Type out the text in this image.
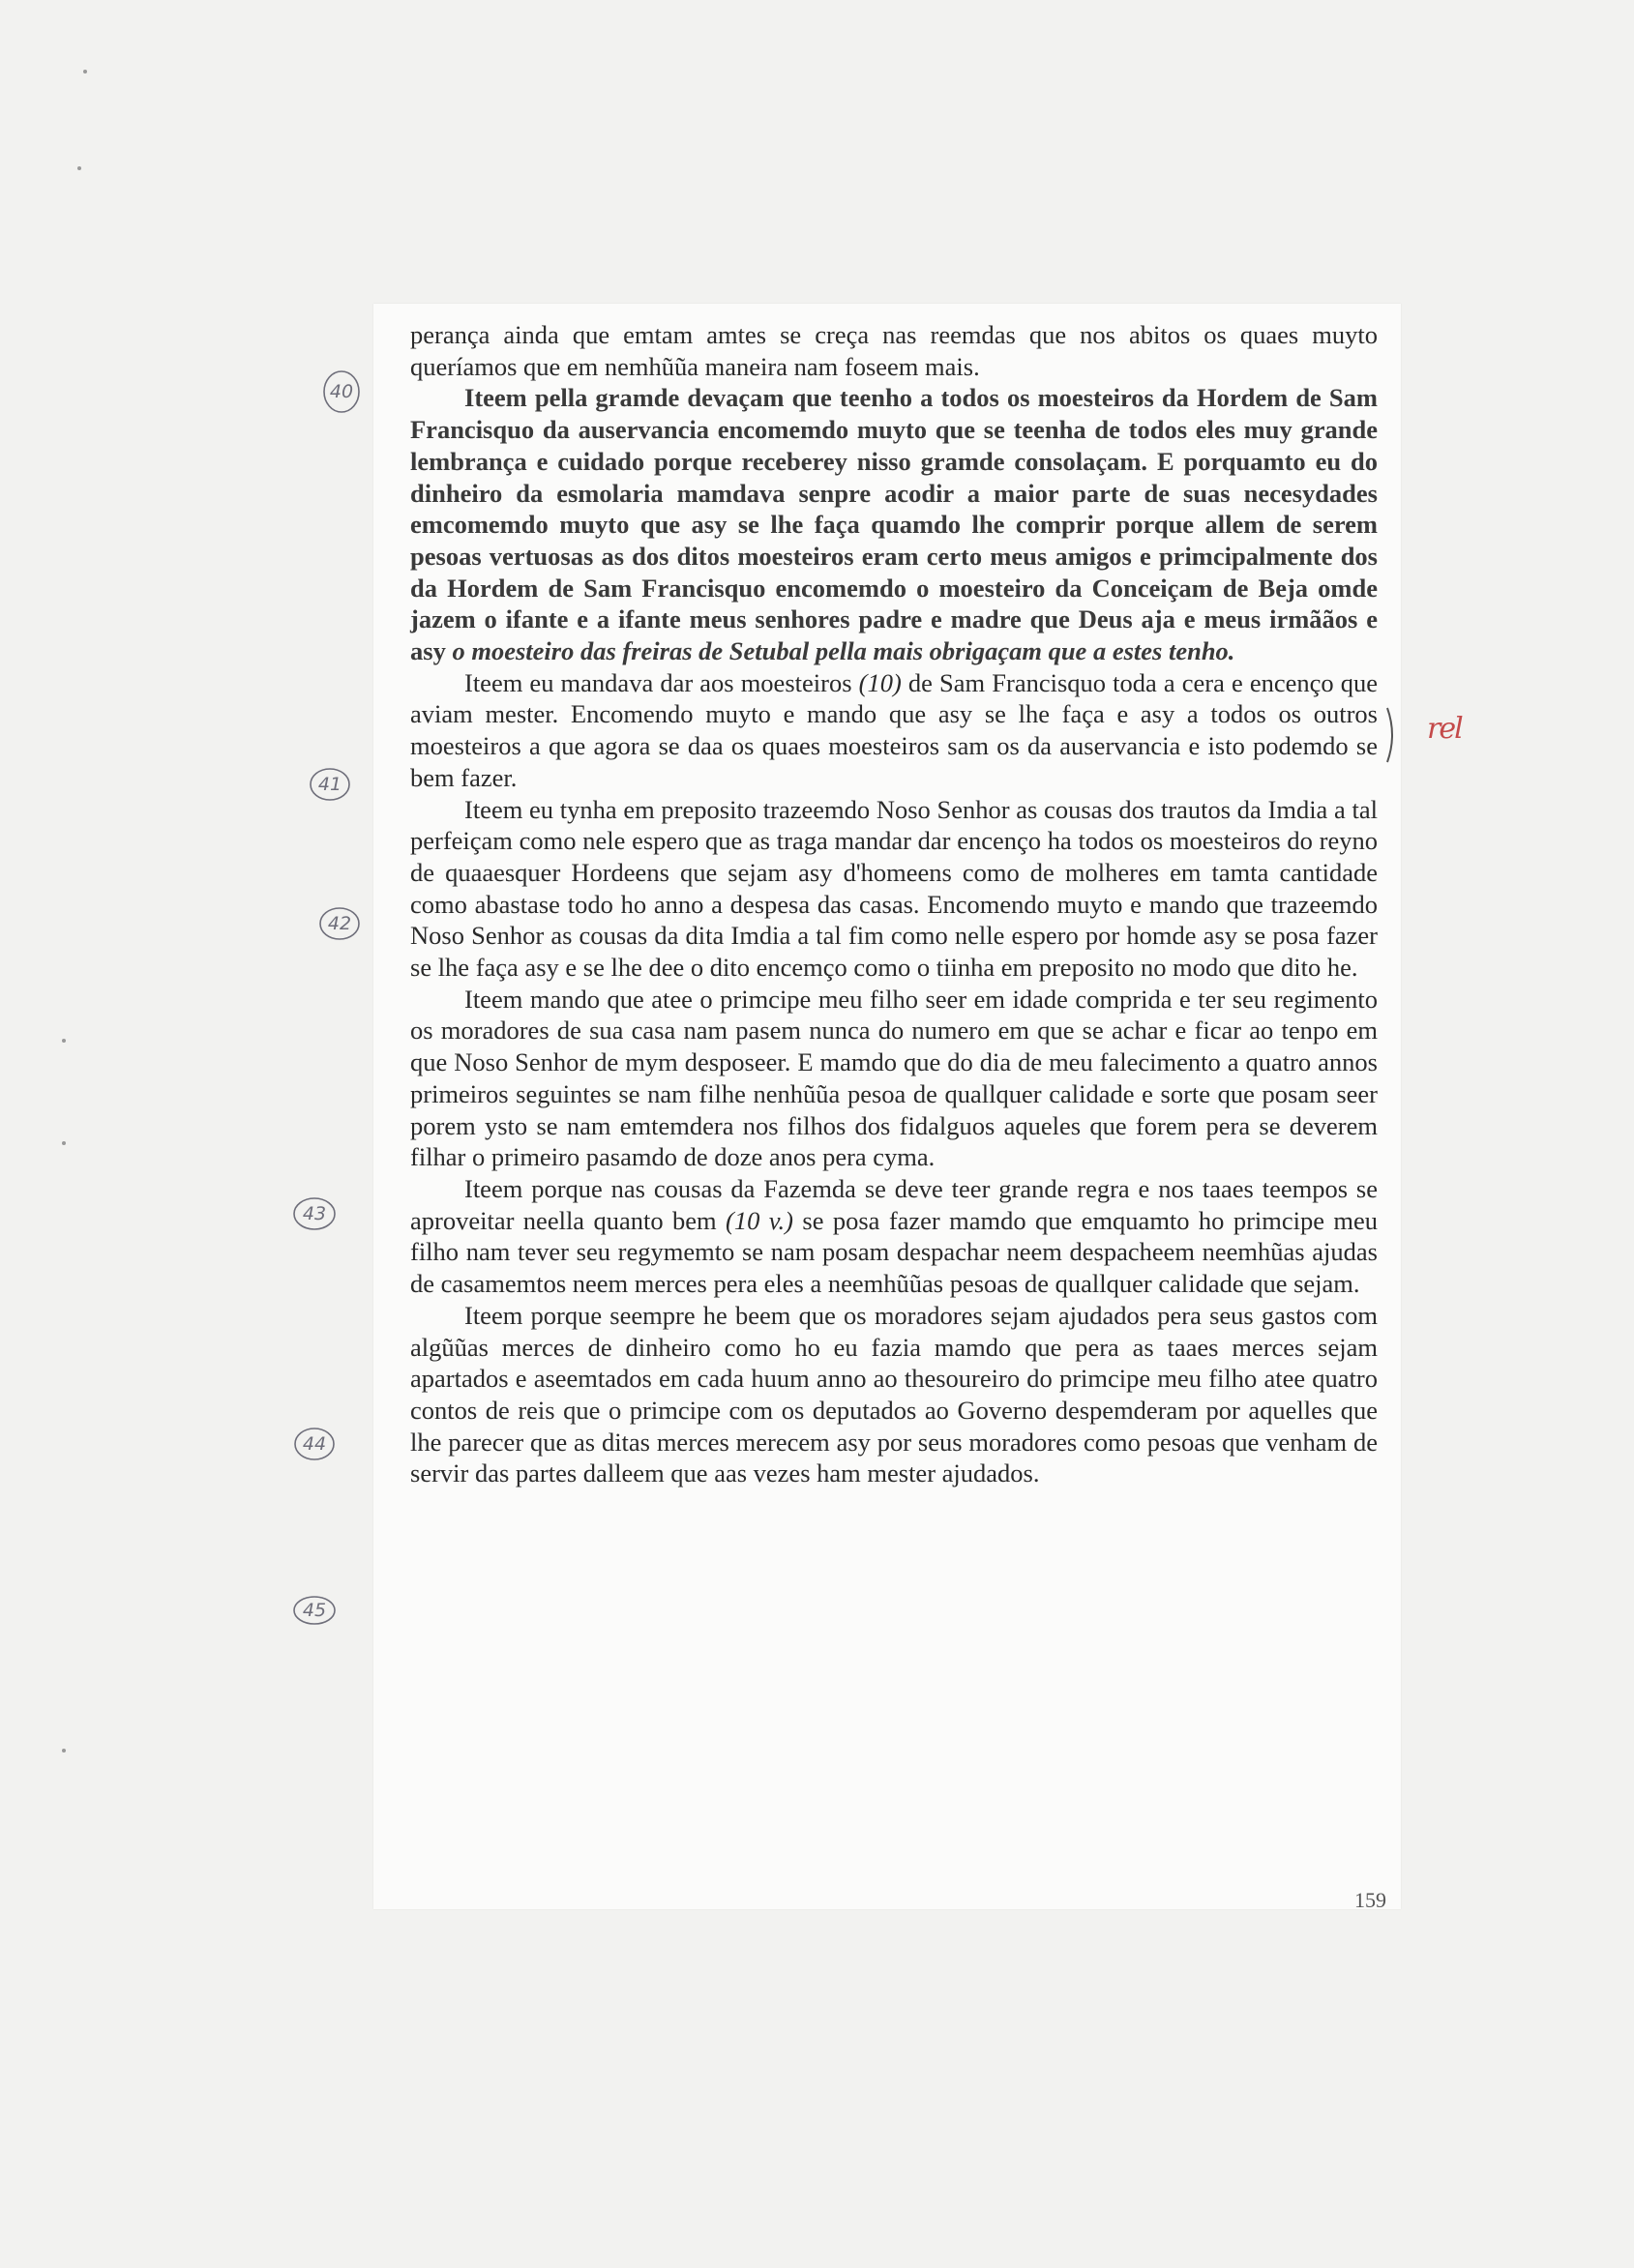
perança ainda que emtam amtes se creça nas reemdas que nos abitos os quaes muyto queríamos que em nemhũũa maneira nam foseem mais.

Iteem pella gramde devaçam que teenho a todos os moesteiros da Hordem de Sam Francisquo da auservancia encomemdo muyto que se teenha de todos eles muy grande lembrança e cuidado porque receberey nisso gramde consolaçam. E porquamto eu do dinheiro da esmolaria mamdava senpre acodir a maior parte de suas necesydades emcomemdo muyto que asy se lhe faça quamdo lhe comprir porque allem de serem pesoas vertuosas as dos ditos moesteiros eram certo meus amigos e primcipalmente dos da Hordem de Sam Francisquo encomemdo o moesteiro da Conceiçam de Beja omde jazem o ifante e a ifante meus senhores padre e madre que Deus aja e meus irmããos e asy o moesteiro das freiras de Setubal pella mais obrigaçam que a estes tenho.

Iteem eu mandava dar aos moesteiros (10) de Sam Francisquo toda a cera e encenço que aviam mester. Encomendo muyto e mando que asy se lhe faça e asy a todos os outros moesteiros a que agora se daa os quaes moesteiros sam os da auservancia e isto podemdo se bem fazer.

Iteem eu tynha em preposito trazeemdo Noso Senhor as cousas dos trautos da Imdia a tal perfeiçam como nele espero que as traga mandar dar encenço ha todos os moesteiros do reyno de quaaesquer Hordeens que sejam asy d'homeens como de molheres em tamta cantidade como abastase todo ho anno a despesa das casas. Encomendo muyto e mando que trazeemdo Noso Senhor as cousas da dita Imdia a tal fim como nelle espero por homde asy se posa fazer se lhe faça asy e se lhe dee o dito encemço como o tiinha em preposito no modo que dito he.

Iteem mando que atee o primcipe meu filho seer em idade comprida e ter seu regimento os moradores de sua casa nam pasem nunca do numero em que se achar e ficar ao tenpo em que Noso Senhor de mym desposeer. E mamdo que do dia de meu falecimento a quatro annos primeiros seguintes se nam filhe nenhũũa pesoa de quallquer calidade e sorte que posam seer porem ysto se nam emtemdera nos filhos dos fidalguos aqueles que forem pera se deverem filhar o primeiro pasamdo de doze anos pera cyma.

Iteem porque nas cousas da Fazemda se deve teer grande regra e nos taaes teempos se aproveitar neella quanto bem (10 v.) se posa fazer mamdo que emquamto ho primcipe meu filho nam tever seu regymemto se nam posam despachar neem despacheem neemhũas ajudas de casamemtos neem merces pera eles a neemhũũas pesoas de quallquer calidade que sejam.

Iteem porque seempre he beem que os moradores sejam ajudados pera seus gastos com algũũas merces de dinheiro como ho eu fazia mamdo que pera as taaes merces sejam apartados e aseemtados em cada huum anno ao thesoureiro do primcipe meu filho atee quatro contos de reis que o primcipe com os deputados ao Governo despemderam por aquelles que lhe parecer que as ditas merces merecem asy por seus moradores como pesoas que venham de servir das partes dalleem que aas vezes ham mester ajudados.

40
41
42
43
44
45
rel
159
